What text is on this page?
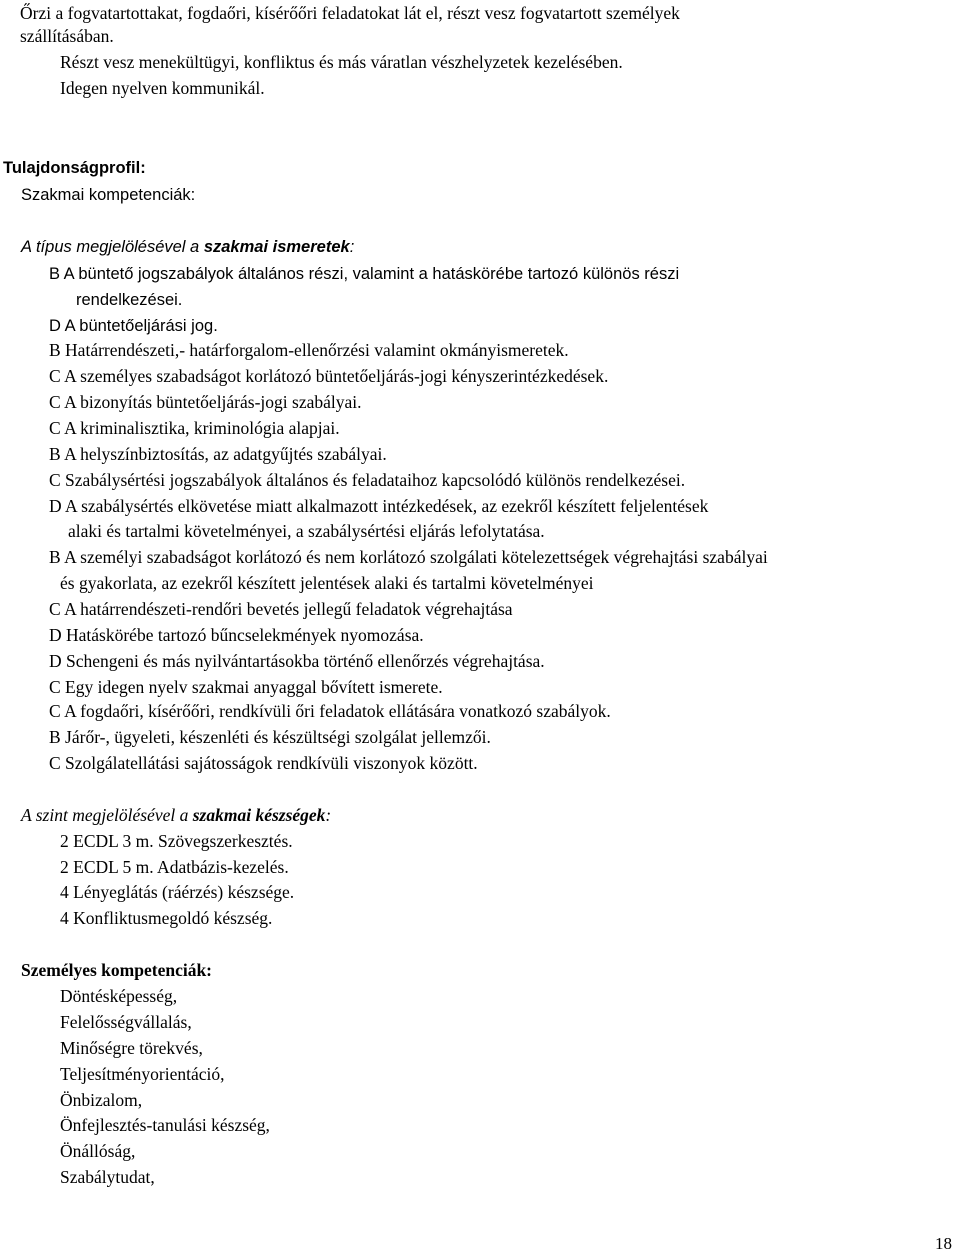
Őrzi a fogvatartottakat, fogdaőri, kísérőőri feladatokat lát el, részt vesz fogvatartott személyek
szállításában.
Részt vesz menekültügyi, konfliktus és más váratlan vészhelyzetek kezelésében.
Idegen nyelven kommunikál.
Tulajdonságprofil:
Szakmai kompetenciák:
A típus megjelölésével a szakmai ismeretek:
B A büntető jogszabályok általános részi, valamint a hatáskörébe tartozó különös részi
rendelkezései.
D A büntetőeljárási jog.
B Határrendészeti,- határforgalom-ellenőrzési valamint okmányismeretek.
C A személyes szabadságot korlátozó büntetőeljárás-jogi kényszerintézkedések.
C A bizonyítás büntetőeljárás-jogi szabályai.
C A kriminalisztika, kriminológia alapjai.
B A helyszínbiztosítás, az adatgyűjtés szabályai.
C Szabálysértési jogszabályok általános és feladataihoz kapcsolódó különös rendelkezései.
D A szabálysértés elkövetése miatt alkalmazott intézkedések, az ezekről készített feljelentések
alaki és tartalmi követelményei, a szabálysértési eljárás lefolytatása.
B A személyi szabadságot korlátozó és nem korlátozó szolgálati kötelezettségek végrehajtási szabályai
és gyakorlata, az ezekről készített jelentések alaki és tartalmi követelményei
C A határrendészeti-rendőri bevetés jellegű feladatok végrehajtása
D Hatáskörébe tartozó bűncselekmények nyomozása.
D Schengeni és más nyilvántartásokba történő ellenőrzés végrehajtása.
C Egy idegen nyelv szakmai anyaggal bővített ismerete.
C A fogdaőri, kísérőőri, rendkívüli őri feladatok ellátására vonatkozó szabályok.
B Járőr-, ügyeleti, készenléti és készültségi szolgálat jellemzői.
C Szolgálatellátási sajátosságok rendkívüli viszonyok között.
A szint megjelölésével a szakmai készségek:
2 ECDL 3 m. Szövegszerkesztés.
2 ECDL 5 m. Adatbázis-kezelés.
4 Lényeglátás (ráérzés) készsége.
4 Konfliktusmegoldó készség.
Személyes kompetenciák:
Döntésképesség,
Felelősségvállalás,
Minőségre törekvés,
Teljesítményorientáció,
Önbizalom,
Önfejlesztés-tanulási készség,
Önállóság,
Szabálytudat,
18
